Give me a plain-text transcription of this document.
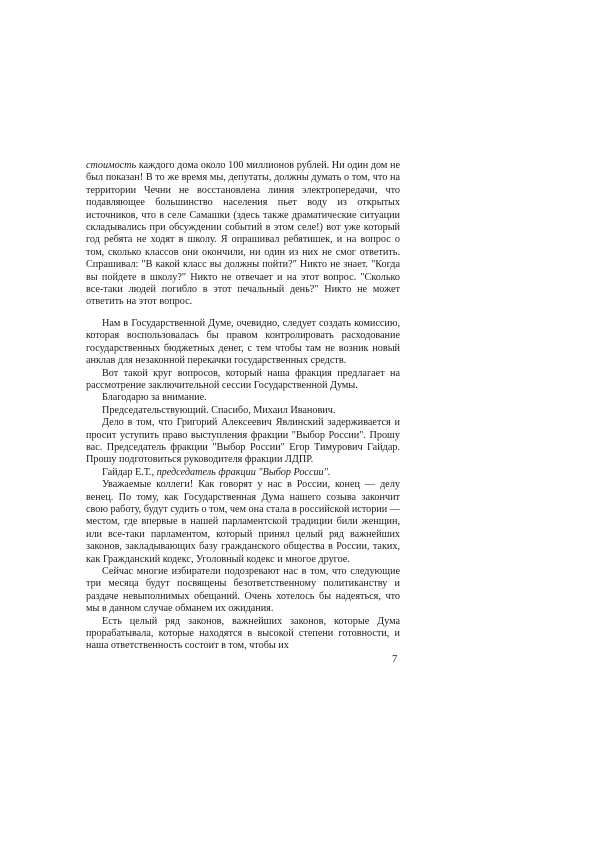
стоимость каждого дома около 100 миллионов рублей. Ни один дом не был показан! В то же время мы, депутаты, должны думать о том, что на территории Чечни не восстановлена линия электропередачи, что подавляющее большинство населения пьет воду из открытых источников, что в селе Самашки (здесь также драматические ситуации складывались при обсуждении событий в этом селе!) вот уже который год ребята не ходят в школу. Я опрашивал ребятишек, и на вопрос о том, сколько классов они окончили, ни один из них не смог ответить. Спрашивал: "В какой класс вы должны пойти?" Никто не знает. "Когда вы пойдете в школу?" Никто не отвечает и на этот вопрос. "Сколько все-таки людей погибло в этот печальный день?" Никто не может ответить на этот вопрос.

Нам в Государственной Думе, очевидно, следует создать комиссию, которая воспользовалась бы правом контролировать расходование государственных бюджетных денег, с тем чтобы там не возник новый анклав для незаконной перекачки государственных средств.

Вот такой круг вопросов, который наша фракция предлагает на рассмотрение заключительной сессии Государственной Думы.

Благодарю за внимание.

Председательствующий. Спасибо, Михаил Иванович.

Дело в том, что Григорий Алексеевич Явлинский задерживается и просит уступить право выступления фракции "Выбор России". Прошу вас. Председатель фракции "Выбор России" Егор Тимурович Гайдар. Прошу подготовиться руководителя фракции ЛДПР.

Гайдар Е.Т., председатель фракции "Выбор России".

Уважаемые коллеги! Как говорят у нас в России, конец — делу венец. По тому, как Государственная Дума нашего созыва закончит свою работу, будут судить о том, чем она стала в российской истории — местом, где впервые в нашей парламентской традиции били женщин, или все-таки парламентом, который принял целый ряд важнейших законов, закладывающих базу гражданского общества в России, таких, как Гражданский кодекс, Уголовный кодекс и многое другое.

Сейчас многие избиратели подозревают нас в том, что следующие три месяца будут посвящены безответственному политиканству и раздаче невыполнимых обещаний. Очень хотелось бы надеяться, что мы в данном случае обманем их ожидания.

Есть целый ряд законов, важнейших законов, которые Дума прорабатывала, которые находятся в высокой степени готовности, и наша ответственность состоит в том, чтобы их

7
